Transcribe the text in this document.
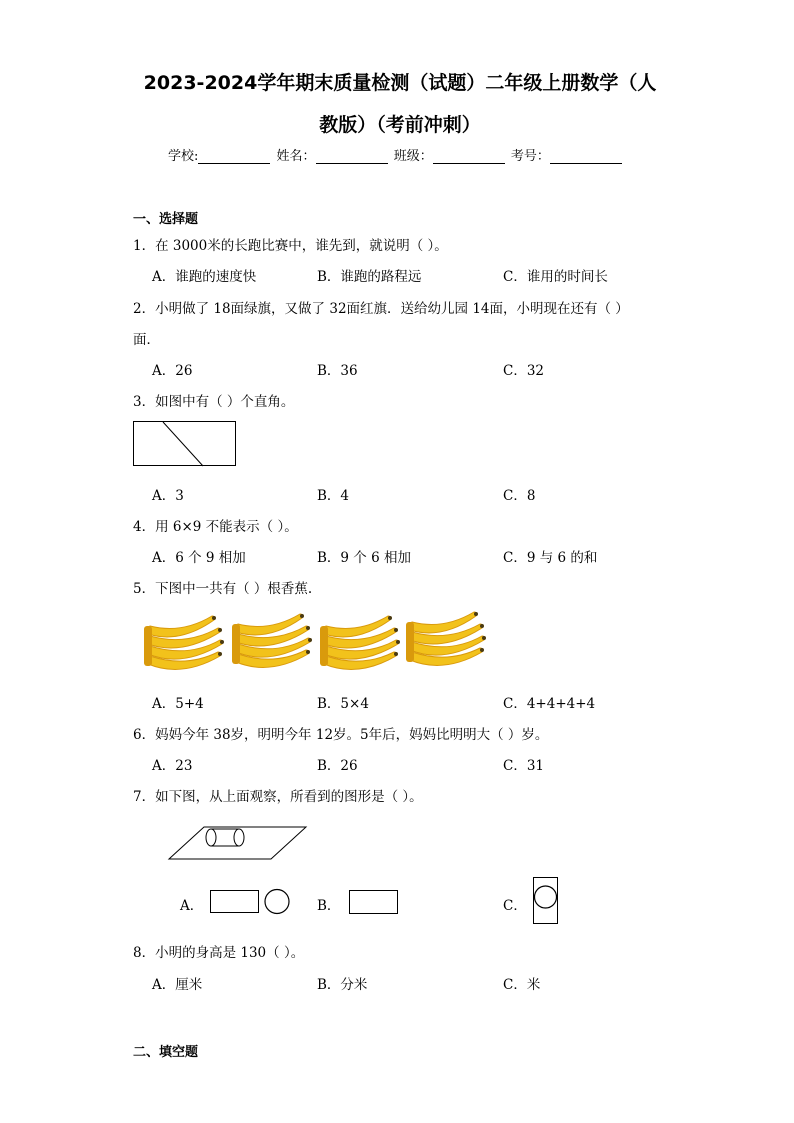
2023-2024学年期末质量检测（试题）二年级上册数学（人
教版）（考前冲刺）
学校:	姓名：	班级：	考号：
一、选择题
1．在 3000米的长跑比赛中，谁先到，就说明（ ）。
A．谁跑的速度快	B．谁跑的路程远	C．谁用的时间长
2．小明做了 18面绿旗，又做了 32面红旗．送给幼儿园 14面，小明现在还有（ ）
面．
A．26	B．36	C．32
3．如图中有（ ）个直角。
A．3	B．4	C．8
4．用 6×9 不能表示（ ）。
A．6 个 9 相加	B．9 个 6 相加	C．9 与 6 的和
5．下图中一共有（ ）根香蕉.
A．5+4	B．5×4	C．4+4+4+4
6．妈妈今年 38岁，明明今年 12岁。5年后，妈妈比明明大（ ）岁。
A．23	B．26	C．31
7．如下图，从上面观察，所看到的图形是（ ）。
A．	B．	C．
8．小明的身高是 130（ ）。
A．厘米	B．分米	C．米
二、填空题
